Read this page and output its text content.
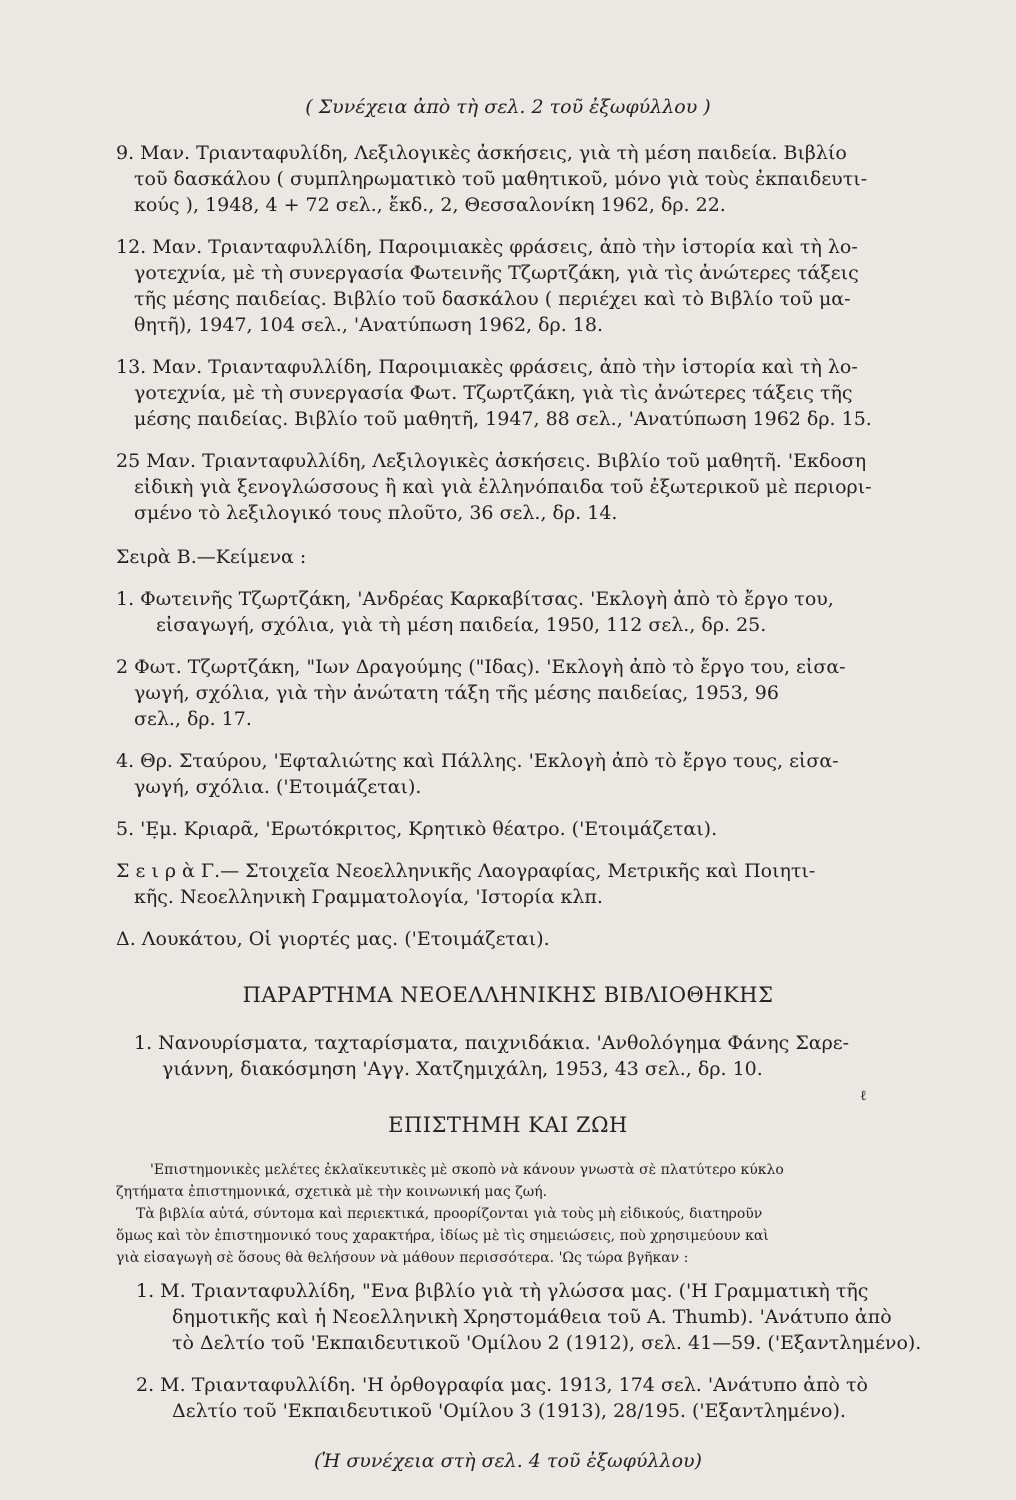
( Συνέχεια ἀπὸ τὴ σελ. 2 τοῦ ἐξωφύλλου )
9. Μαν. Τριανταφυλίδη, Λεξιλογικὲς ἀσκήσεις, γιὰ τὴ μέση παιδεία. Βιβλίο
τοῦ δασκάλου ( συμπληρωματικὸ τοῦ μαθητικοῦ, μόνο γιὰ τοὺς ἐκπαιδευτι-
κούς ), 1948, 4 + 72 σελ., ἔκδ., 2, Θεσσαλονίκη 1962, δρ. 22.
12. Μαν. Τριανταφυλλίδη, Παροιμιακὲς φράσεις, ἀπὸ τὴν ἱστορία καὶ τὴ λο-
γοτεχνία, μὲ τὴ συνεργασία Φωτεινῆς Τζωρτζάκη, γιὰ τὶς ἀνώτερες τάξεις
τῆς μέσης παιδείας. Βιβλίο τοῦ δασκάλου ( περιέχει καὶ τὸ Βιβλίο τοῦ μα-
θητῆ), 1947, 104 σελ., 'Ανατύπωση 1962, δρ. 18.
13. Μαν. Τριανταφυλλίδη, Παροιμιακὲς φράσεις, ἀπὸ τὴν ἱστορία καὶ τὴ λο-
γοτεχνία, μὲ τὴ συνεργασία Φωτ. Τζωρτζάκη, γιὰ τὶς ἀνώτερες τάξεις τῆς
μέσης παιδείας. Βιβλίο τοῦ μαθητῆ, 1947, 88 σελ., 'Ανατύπωση 1962 δρ. 15.
25 Μαν. Τριανταφυλλίδη, Λεξιλογικὲς ἀσκήσεις. Βιβλίο τοῦ μαθητῆ. 'Εκδοση
εἰδικὴ γιὰ ξενογλώσσους ἢ καὶ γιὰ ἑλληνόπαιδα τοῦ ἐξωτερικοῦ μὲ περιορι-
σμένο τὸ λεξιλογικό τους πλοῦτο, 36 σελ., δρ. 14.
Σειρὰ Β.—Κείμενα :
1. Φωτεινῆς Τζωρτζάκη, 'Ανδρέας Καρκαβίτσας. 'Εκλογὴ ἀπὸ τὸ ἔργο του,
εἰσαγωγή, σχόλια, γιὰ τὴ μέση παιδεία, 1950, 112 σελ., δρ. 25.
2 Φωτ. Τζωρτζάκη, "Ιων Δραγούμης ("Ιδας). 'Εκλογὴ ἀπὸ τὸ ἔργο του, εἰσα-
γωγή, σχόλια, γιὰ τὴν ἀνώτατη τάξη τῆς μέσης παιδείας, 1953, 96
σελ., δρ. 17.
4. Θρ. Σταύρου, 'Εφταλιώτης καὶ Πάλλης. 'Εκλογὴ ἀπὸ τὸ ἔργο τους, εἰσα-
γωγή, σχόλια. ('Ετοιμάζεται).
5. 'Ε̣μ. Κριαρᾶ, 'Ερωτόκριτος, Κρητικὸ θέατρο. ('Ετοιμάζεται).
Σ ε ι ρ ὰ Γ.— Στοιχεῖα Νεοελληνικῆς Λαογραφίας, Μετρικῆς καὶ Ποιητι-
κῆς. Νεοελληνικὴ Γραμματολογία, 'Ιστορία κλπ.
Δ. Λουκάτου, Οἱ γιορτές μας. ('Ετοιμάζεται).
ΠΑΡΑΡΤΗΜΑ ΝΕΟΕΛΛΗΝΙΚΗΣ ΒΙΒΛΙΟΘΗΚΗΣ
1. Νανουρίσματα, ταχταρίσματα, παιχνιδάκια. 'Ανθολόγημα Φάνης Σαρε-
γιάννη, διακόσμηση 'Αγγ. Χατζημιχάλη, 1953, 43 σελ., δρ. 10.
ℓ
ΕΠΙΣΤΗΜΗ ΚΑΙ ΖΩΗ
'Επιστημονικὲς μελέτες ἐκλαϊκευτικὲς μὲ σκοπὸ νὰ κάνουν γνωστὰ σὲ πλατύτερο κύκλο
ζητήματα ἐπιστημονικά, σχετικὰ μὲ τὴν κοινωνική μας ζωή.
Τὰ βιβλία αὐτά, σύντομα καὶ περιεκτικά, προορίζονται γιὰ τοὺς μὴ εἰδικούς, διατηροῦν
ὅμως καὶ τὸν ἐπιστημονικό τους χαρακτήρα, ἰδίως μὲ τὶς σημειώσεις, ποὺ χρησιμεύουν καὶ
γιὰ εἰσαγωγὴ σὲ ὅσους θὰ θελήσουν νὰ μάθουν περισσότερα. 'Ως τώρα βγῆκαν :
1. Μ. Τριανταφυλλίδη, "Ενα βιβλίο γιὰ τὴ γλώσσα μας. ('Η Γραμματικὴ τῆς
δημοτικῆς καὶ ἡ Νεοελληνικὴ Χρηστομάθεια τοῦ Α. Thumb). 'Ανάτυπο ἀπὸ
τὸ Δελτίο τοῦ 'Εκπαιδευτικοῦ 'Ομίλου 2 (1912), σελ. 41—59. ('Εξαντλημένο).
2. Μ. Τριανταφυλλίδη. 'Η ὀρθογραφία μας. 1913, 174 σελ. 'Ανάτυπο ἀπὸ τὸ
Δελτίο τοῦ 'Εκπαιδευτικοῦ 'Ομίλου 3 (1913), 28/195. ('Εξαντλημένο).
(Ἡ συνέχεια στὴ σελ. 4 τοῦ ἐξωφύλλου)
